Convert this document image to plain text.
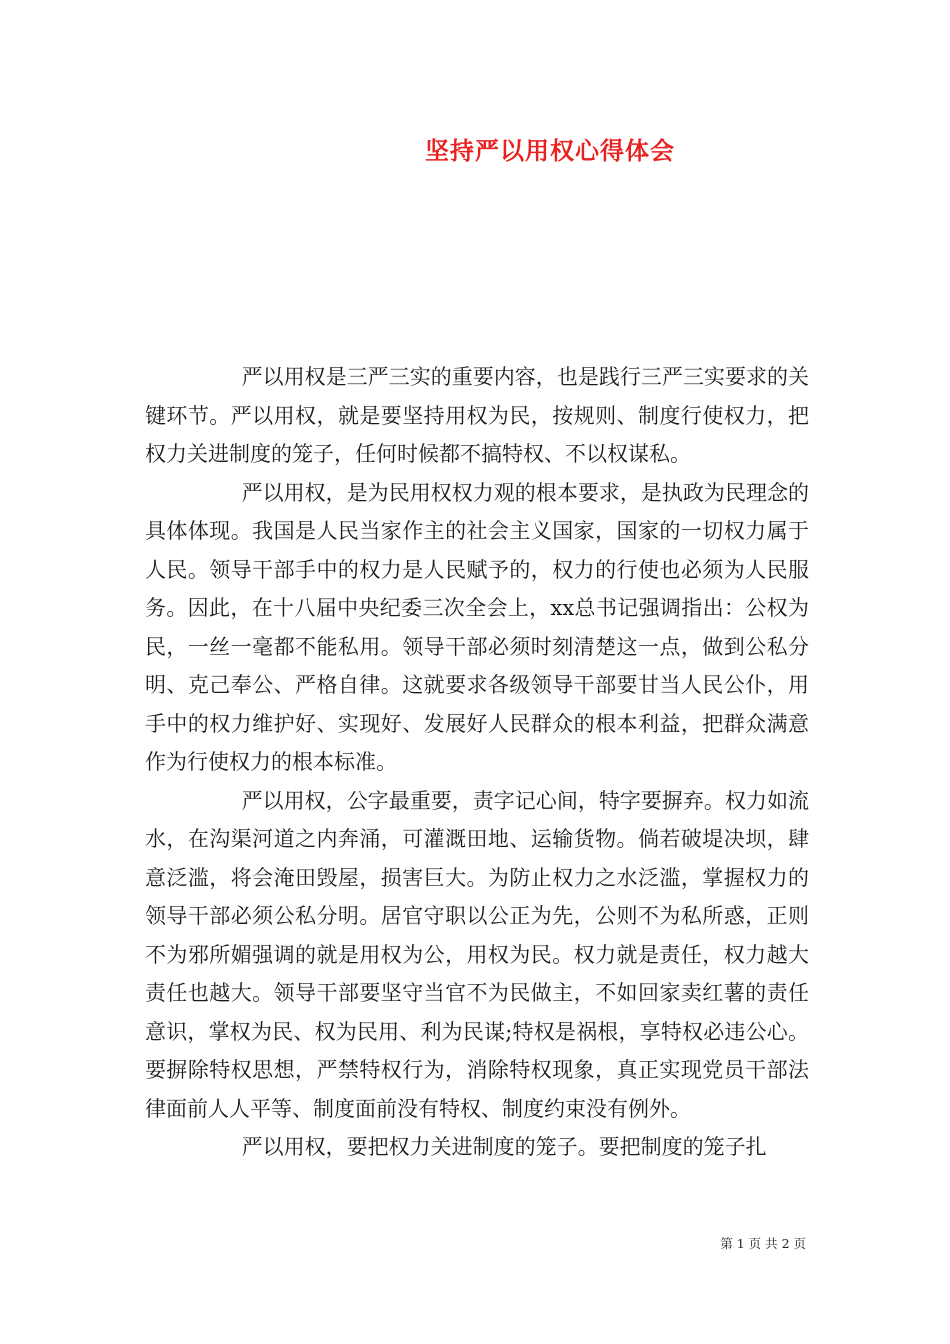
坚持严以用权心得体会

严以用权是三严三实的重要内容，也是践行三严三实要求的关键环节。严以用权，就是要坚持用权为民，按规则、制度行使权力，把权力关进制度的笼子，任何时候都不搞特权、不以权谋私。

严以用权，是为民用权权力观的根本要求，是执政为民理念的具体体现。我国是人民当家作主的社会主义国家，国家的一切权力属于人民。领导干部手中的权力是人民赋予的，权力的行使也必须为人民服务。因此，在十八届中央纪委三次全会上，xx总书记强调指出：公权为民，一丝一毫都不能私用。领导干部必须时刻清楚这一点，做到公私分明、克己奉公、严格自律。这就要求各级领导干部要甘当人民公仆，用手中的权力维护好、实现好、发展好人民群众的根本利益，把群众满意作为行使权力的根本标准。

严以用权，公字最重要，责字记心间，特字要摒弃。权力如流水，在沟渠河道之内奔涌，可灌溉田地、运输货物。倘若破堤决坝，肆意泛滥，将会淹田毁屋，损害巨大。为防止权力之水泛滥，掌握权力的领导干部必须公私分明。居官守职以公正为先，公则不为私所惑，正则不为邪所媚强调的就是用权为公，用权为民。权力就是责任，权力越大责任也越大。领导干部要坚守当官不为民做主，不如回家卖红薯的责任意识，掌权为民、权为民用、利为民谋;特权是祸根，享特权必违公心。要摒除特权思想，严禁特权行为，消除特权现象，真正实现党员干部法律面前人人平等、制度面前没有特权、制度约束没有例外。

严以用权，要把权力关进制度的笼子。要把制度的笼子扎

第 1 页 共 2 页
